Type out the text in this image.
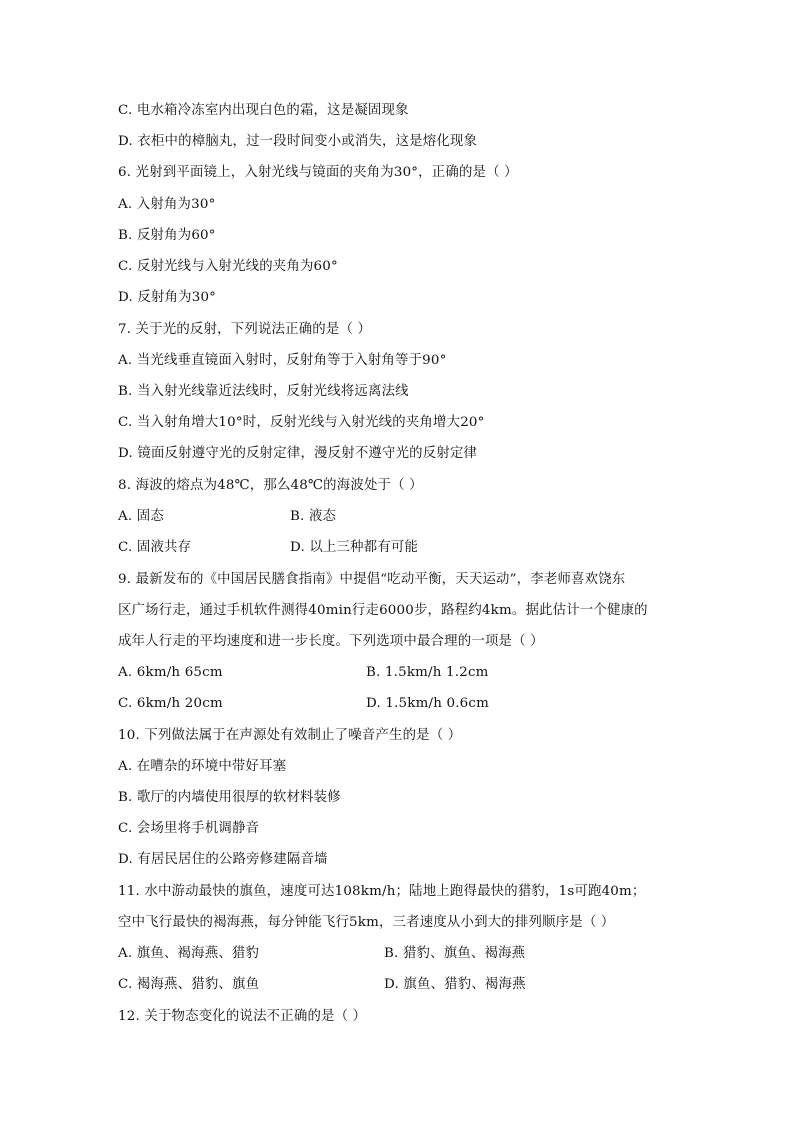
C. 电水箱冷冻室内出现白色的霜，这是凝固现象
D. 衣柜中的樟脑丸，过一段时间变小或消失，这是熔化现象
6. 光射到平面镜上，入射光线与镜面的夹角为30°，正确的是（ ）
A. 入射角为30°
B. 反射角为60°
C. 反射光线与入射光线的夹角为60°
D. 反射角为30°
7. 关于光的反射，下列说法正确的是（ ）
A. 当光线垂直镜面入射时，反射角等于入射角等于90°
B. 当入射光线靠近法线时，反射光线将远离法线
C. 当入射角增大10°时，反射光线与入射光线的夹角增大20°
D. 镜面反射遵守光的反射定律，漫反射不遵守光的反射定律
8. 海波的熔点为48℃，那么48℃的海波处于（ ）
A. 固态	B. 液态
C. 固液共存	D. 以上三种都有可能
9. 最新发布的《中国居民膳食指南》中提倡“吃动平衡，天天运动”，李老师喜欢饶东
区广场行走，通过手机软件测得40min行走6000步，路程约4km。据此估计一个健康的
成年人行走的平均速度和进一步长度。下列选项中最合理的一项是（ ）
A. 6km/h 65cm	B. 1.5km/h 1.2cm
C. 6km/h 20cm	D. 1.5km/h 0.6cm
10. 下列做法属于在声源处有效制止了噪音产生的是（ ）
A. 在嘈杂的环境中带好耳塞
B. 歌厅的内墙使用很厚的软材料装修
C. 会场里将手机调静音
D. 有居民居住的公路旁修建隔音墙
11. 水中游动最快的旗鱼，速度可达108km/h；陆地上跑得最快的猎豹，1s可跑40m；
空中飞行最快的褐海燕，每分钟能飞行5km，三者速度从小到大的排列顺序是（ ）
A. 旗鱼、褐海燕、猎豹	B. 猎豹、旗鱼、褐海燕
C. 褐海燕、猎豹、旗鱼	D. 旗鱼、猎豹、褐海燕
12. 关于物态变化的说法不正确的是（ ）
